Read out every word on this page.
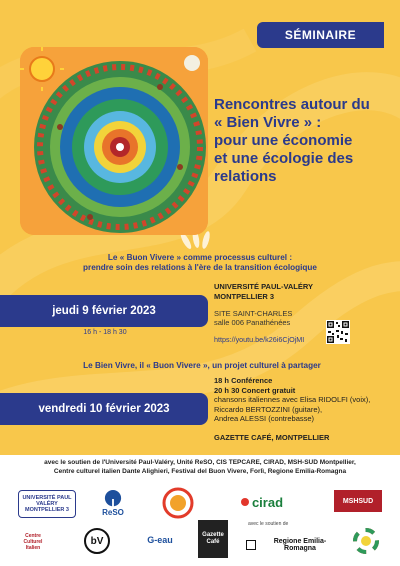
SÉMINAIRE
Rencontres autour du
« Bien Vivre » :
pour une économie
et une écologie des
relations
Le « Buon Vivere » comme processus culturel :
prendre soin des relations à l'ère de la transition écologique
jeudi 9 février 2023
16 h - 18 h 30
UNIVERSITÉ PAUL-VALÉRY
MONTPELLIER 3
SITE SAINT-CHARLES
salle 006 Panathénées
https://youtu.be/k26i6CjOjMI
Le Bien Vivre, il « Buon Vivere », un projet culturel à partager
vendredi 10 février 2023
18 h Conférence
20 h 30 Concert gratuit
chansons italiennes avec Elisa RIDOLFI (voix),
Riccardo BERTOZZINI (guitare),
Andrea ALESSI (contrebasse)
GAZETTE CAFÉ, MONTPELLIER
avec le soutien de l'Université Paul-Valéry, Unité ReSO, CIS TEPCARE, CIRAD, MSH-SUD Montpellier,
Centre culturel italien Dante Alighieri, Festival del Buon Vivere, Forlì, Regione Emilia-Romagna
UNIVERSITÉ PAUL VALÉRY MONTPELLIER 3	ReSO
cirad	MSHSUD
Centre Culturel Italien
bV	G-eau	Gazette Café
avec le soutien de
Regione Emilia-Romagna
